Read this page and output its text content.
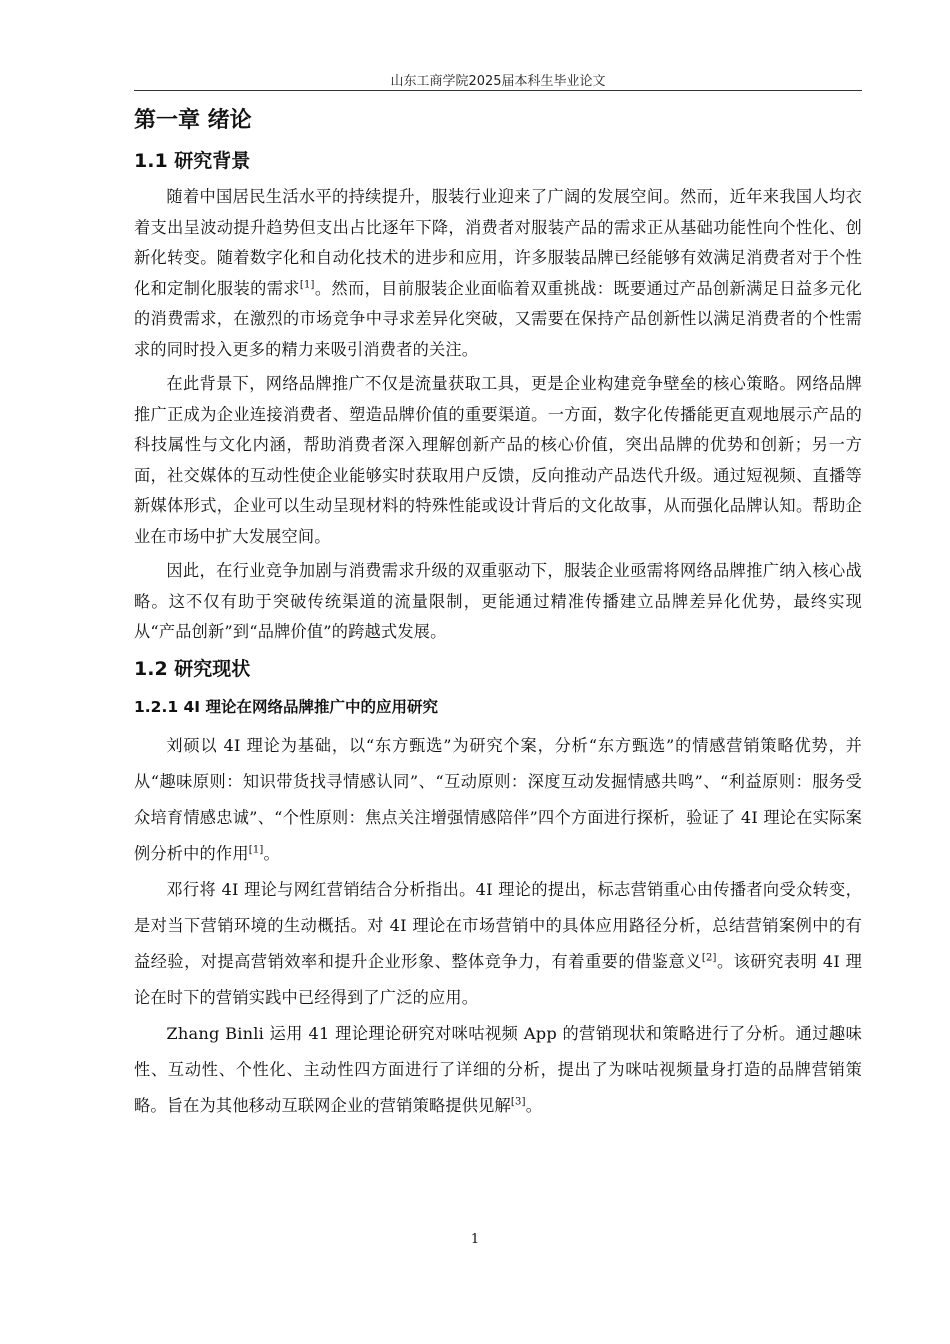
山东工商学院2025届本科生毕业论文
第一章 绪论
1.1 研究背景

随着中国居民生活水平的持续提升，服装行业迎来了广阔的发展空间。然而，近年来我国人均衣着支出呈波动提升趋势但支出占比逐年下降，消费者对服装产品的需求正从基础功能性向个性化、创新化转变。随着数字化和自动化技术的进步和应用，许多服装品牌已经能够有效满足消费者对于个性化和定制化服装的需求[1]。然而，目前服装企业面临着双重挑战：既要通过产品创新满足日益多元化的消费需求，在激烈的市场竞争中寻求差异化突破，又需要在保持产品创新性以满足消费者的个性需求的同时投入更多的精力来吸引消费者的关注。

在此背景下，网络品牌推广不仅是流量获取工具，更是企业构建竞争壁垒的核心策略。网络品牌推广正成为企业连接消费者、塑造品牌价值的重要渠道。一方面，数字化传播能更直观地展示产品的科技属性与文化内涵，帮助消费者深入理解创新产品的核心价值，突出品牌的优势和创新；另一方面，社交媒体的互动性使企业能够实时获取用户反馈，反向推动产品迭代升级。通过短视频、直播等新媒体形式，企业可以生动呈现材料的特殊性能或设计背后的文化故事，从而强化品牌认知。帮助企业在市场中扩大发展空间。

因此，在行业竞争加剧与消费需求升级的双重驱动下，服装企业亟需将网络品牌推广纳入核心战略。这不仅有助于突破传统渠道的流量限制，更能通过精准传播建立品牌差异化优势，最终实现从“产品创新”到“品牌价值”的跨越式发展。

1.2 研究现状
1.2.1 4I 理论在网络品牌推广中的应用研究

刘硕以 4I 理论为基础，以“东方甄选”为研究个案，分析“东方甄选”的情感营销策略优势，并从“趣味原则：知识带货找寻情感认同”、“互动原则：深度互动发掘情感共鸣”、“利益原则：服务受众培育情感忠诚”、“个性原则：焦点关注增强情感陪伴”四个方面进行探析，验证了 4I 理论在实际案例分析中的作用[1]。

邓行将 4I 理论与网红营销结合分析指出。4I 理论的提出，标志营销重心由传播者向受众转变，是对当下营销环境的生动概括。对 4I 理论在市场营销中的具体应用路径分析，总结营销案例中的有益经验，对提高营销效率和提升企业形象、整体竞争力，有着重要的借鉴意义[2]。该研究表明 4I 理论在时下的营销实践中已经得到了广泛的应用。

Zhang Binli 运用 41 理论理论研究对咪咕视频 App 的营销现状和策略进行了分析。通过趣味性、互动性、个性化、主动性四方面进行了详细的分析，提出了为咪咕视频量身打造的品牌营销策略。旨在为其他移动互联网企业的营销策略提供见解[3]。

1
